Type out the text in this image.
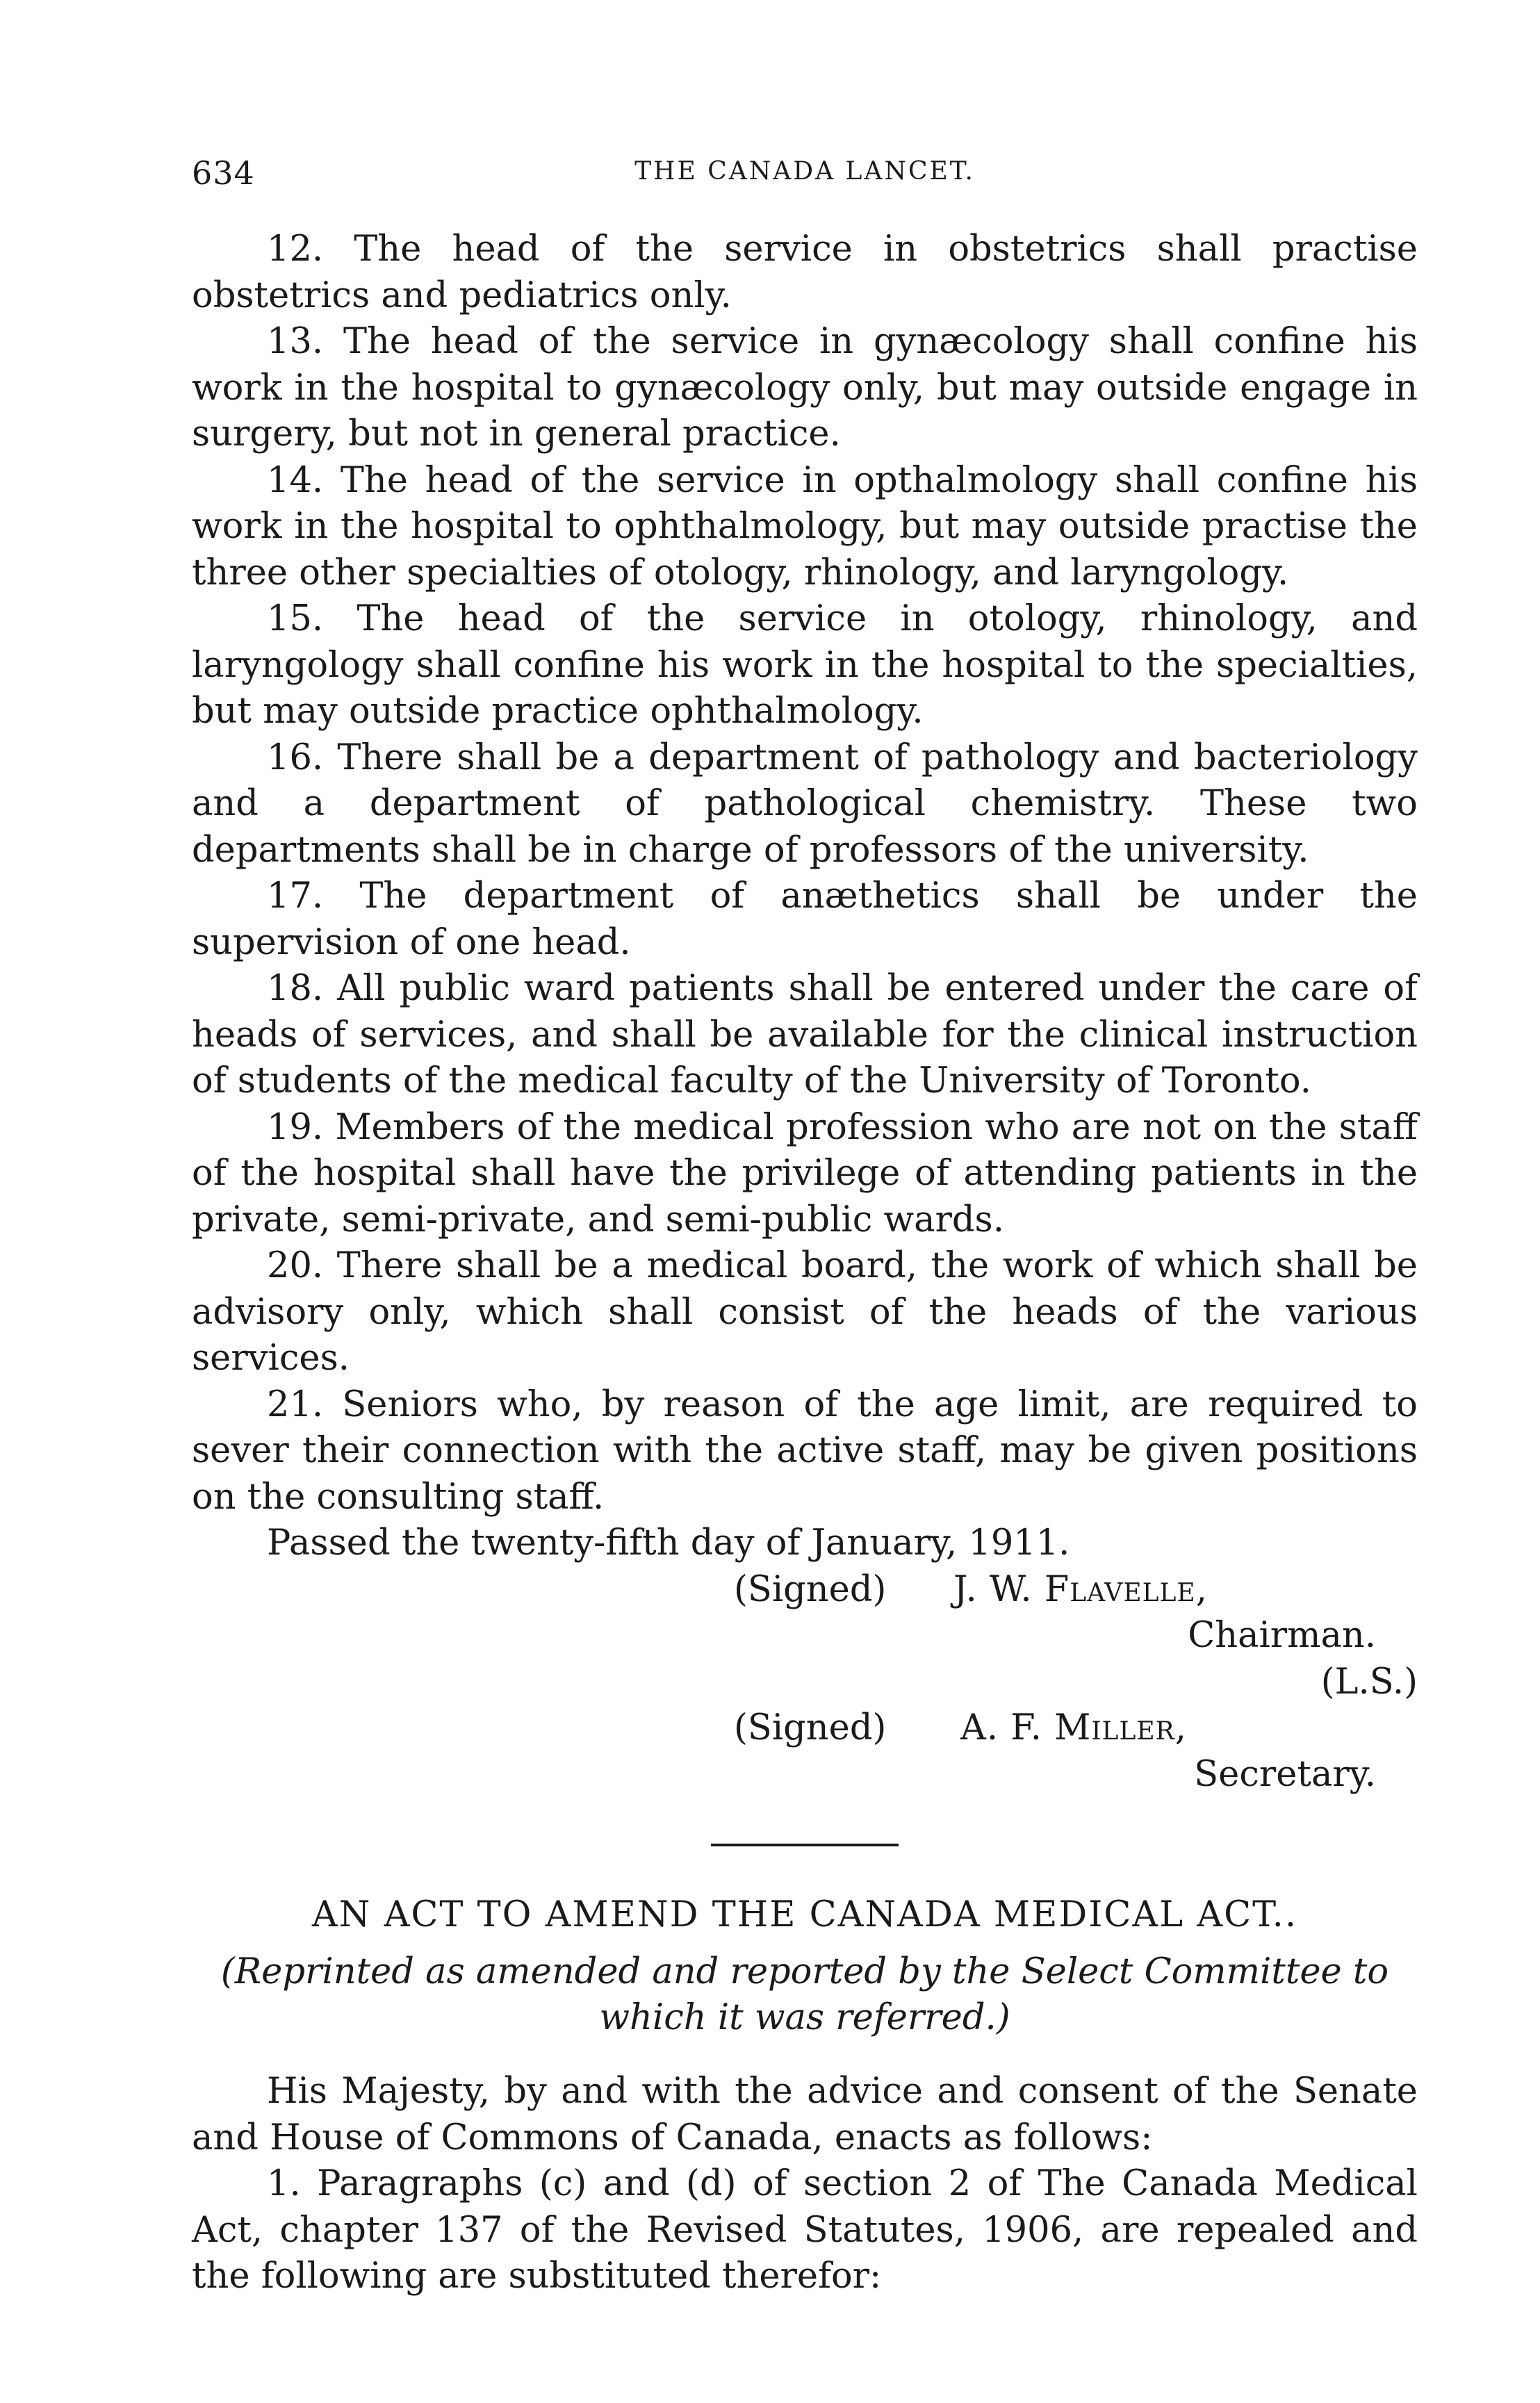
634	THE CANADA LANCET.

12. The head of the service in obstetrics shall practise obstetrics and pediatrics only.

13. The head of the service in gynæcology shall confine his work in the hospital to gynæcology only, but may outside engage in surgery, but not in general practice.

14. The head of the service in opthalmology shall confine his work in the hospital to ophthalmology, but may outside practise the three other specialties of otology, rhinology, and laryngology.

15. The head of the service in otology, rhinology, and laryngology shall confine his work in the hospital to the specialties, but may outside practice ophthalmology.

16. There shall be a department of pathology and bacteriology and a department of pathological chemistry. These two departments shall be in charge of professors of the university.

17. The department of anæthetics shall be under the supervision of one head.

18. All public ward patients shall be entered under the care of heads of services, and shall be available for the clinical instruction of students of the medical faculty of the University of Toronto.

19. Members of the medical profession who are not on the staff of the hospital shall have the privilege of attending patients in the private, semi-private, and semi-public wards.

20. There shall be a medical board, the work of which shall be advisory only, which shall consist of the heads of the various services.

21. Seniors who, by reason of the age limit, are required to sever their connection with the active staff, may be given positions on the consulting staff.

Passed the twenty-fifth day of January, 1911.

(Signed) J. W. Flavelle,
Chairman.
(L.S.)
(Signed) A. F. Miller,
Secretary.

AN ACT TO AMEND THE CANADA MEDICAL ACT..

(Reprinted as amended and reported by the Select Committee to which it was referred.)

His Majesty, by and with the advice and consent of the Senate and House of Commons of Canada, enacts as follows:

1. Paragraphs (c) and (d) of section 2 of The Canada Medical Act, chapter 137 of the Revised Statutes, 1906, are repealed and the following are substituted therefor:
